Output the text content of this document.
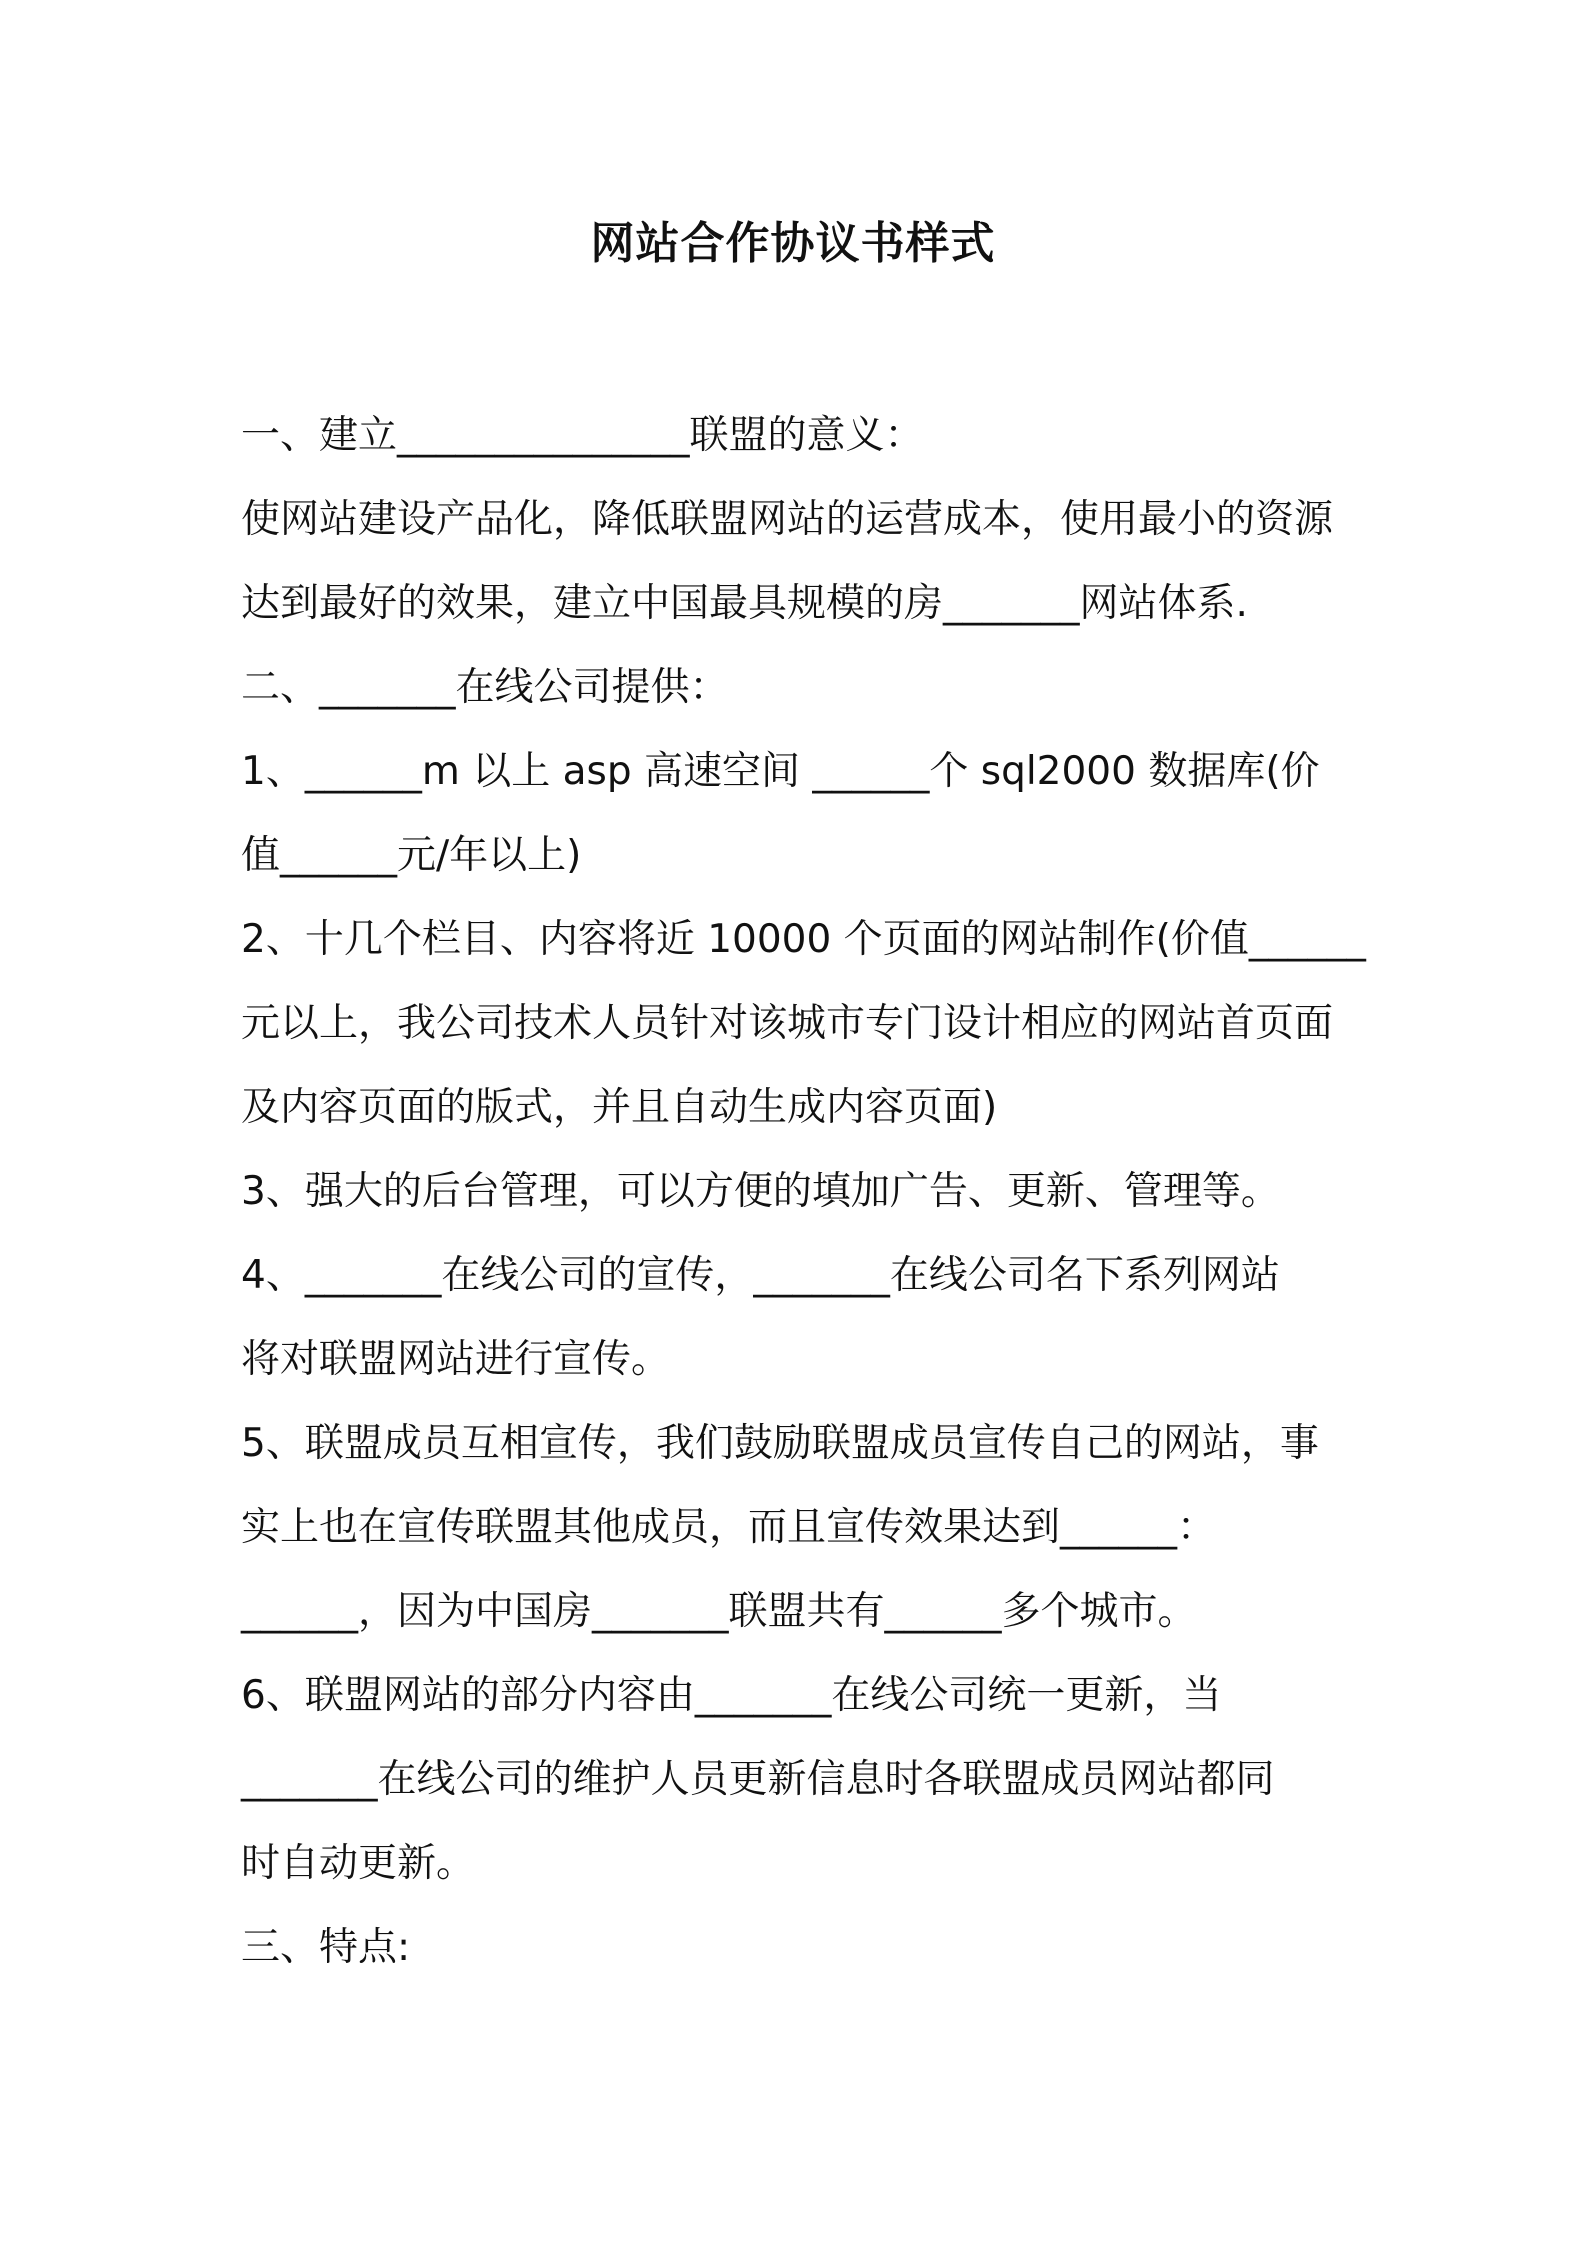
网站合作协议书样式
一、建立_______________联盟的意义：
使网站建设产品化，降低联盟网站的运营成本，使用最小的资源
达到最好的效果，建立中国最具规模的房_______网站体系.
二、_______在线公司提供：
1、______m 以上 asp 高速空间 ______个 sql2000 数据库(价
值______元/年以上)
2、十几个栏目、内容将近 10000 个页面的网站制作(价值______
元以上，我公司技术人员针对该城市专门设计相应的网站首页面
及内容页面的版式，并且自动生成内容页面)
3、强大的后台管理，可以方便的填加广告、更新、管理等。
4、_______在线公司的宣传，_______在线公司名下系列网站
将对联盟网站进行宣传。
5、联盟成员互相宣传，我们鼓励联盟成员宣传自己的网站，事
实上也在宣传联盟其他成员，而且宣传效果达到______：
______，因为中国房_______联盟共有______多个城市。
6、联盟网站的部分内容由_______在线公司统一更新，当
_______在线公司的维护人员更新信息时各联盟成员网站都同
时自动更新。
三、特点:
